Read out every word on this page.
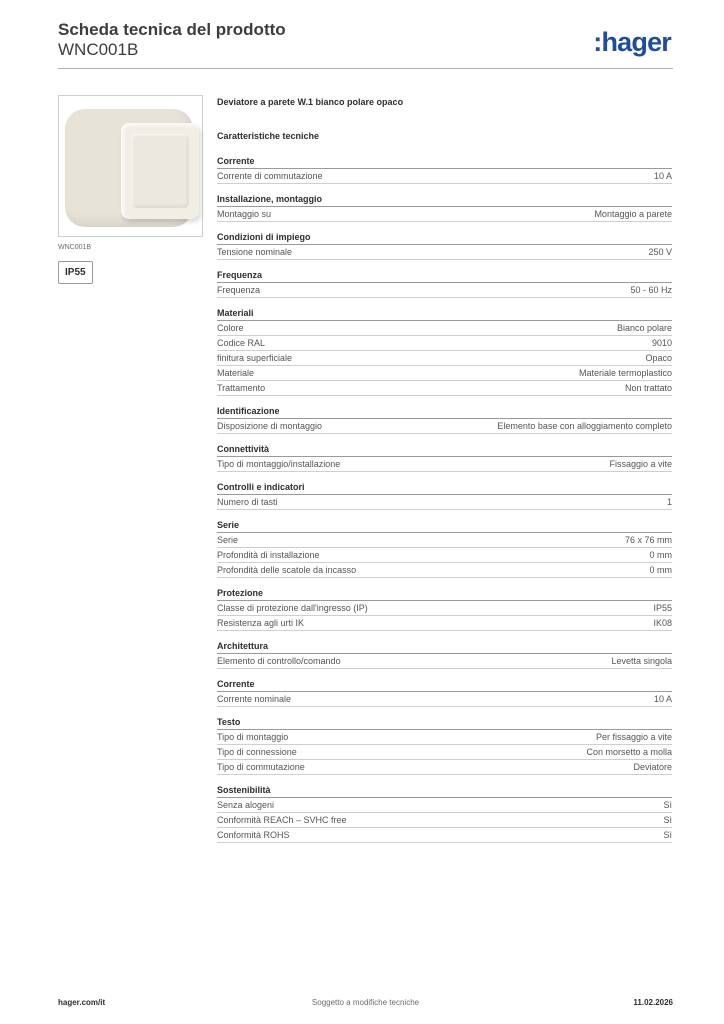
Scheda tecnica del prodotto
WNC001B	:hager
WNC001B
IP55
Deviatore a parete W.1 bianco polare opaco
Caratteristiche tecniche
Corrente
Corrente di commutazione	10 A
Installazione, montaggio
Montaggio su	Montaggio a parete
Condizioni di impiego
Tensione nominale	250 V
Frequenza
Frequenza	50 - 60 Hz
Materiali
Colore	Bianco polare
Codice RAL	9010
finitura superficiale	Opaco
Materiale	Materiale termoplastico
Trattamento	Non trattato
Identificazione
Disposizione di montaggio	Elemento base con alloggiamento completo
Connettività
Tipo di montaggio/installazione	Fissaggio a vite
Controlli e indicatori
Numero di tasti	1
Serie
Serie	76 x 76 mm
Profondità di installazione	0 mm
Profondità delle scatole da incasso	0 mm
Protezione
Classe di protezione dall'ingresso (IP)	IP55
Resistenza agli urti IK	IK08
Architettura
Elemento di controllo/comando	Levetta singola
Corrente
Corrente nominale	10 A
Testo
Tipo di montaggio	Per fissaggio a vite
Tipo di connessione	Con morsetto a molla
Tipo di commutazione	Deviatore
Sostenibilità
Senza alogeni	Sì
Conformità REACh – SVHC free	Sì
Conformità ROHS	Sì
hager.com/it	Soggetto a modifiche tecniche	11.02.2026
